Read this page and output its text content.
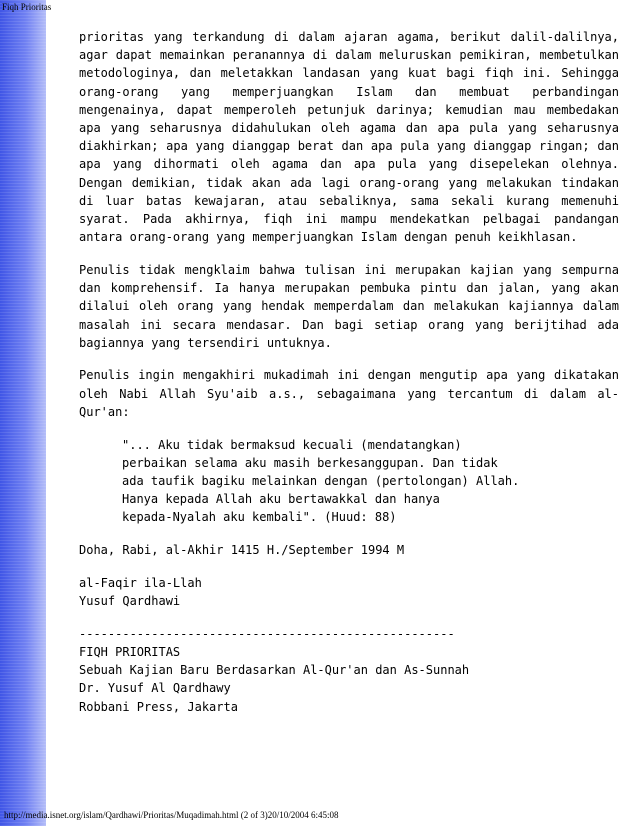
Fiqh Prioritas

prioritas yang terkandung di dalam ajaran agama, berikut dalil-dalilnya, agar dapat memainkan peranannya di dalam meluruskan pemikiran, membetulkan metodologinya, dan meletakkan landasan yang kuat bagi fiqh ini. Sehingga orang-orang yang memperjuangkan Islam dan membuat perbandingan mengenainya, dapat memperoleh petunjuk darinya; kemudian mau membedakan apa yang seharusnya didahulukan oleh agama dan apa pula yang seharusnya diakhirkan; apa yang dianggap berat dan apa pula yang dianggap ringan; dan apa yang dihormati oleh agama dan apa pula yang disepelekan olehnya. Dengan demikian, tidak akan ada lagi orang-orang yang melakukan tindakan di luar batas kewajaran, atau sebaliknya, sama sekali kurang memenuhi syarat. Pada akhirnya, fiqh ini mampu mendekatkan pelbagai pandangan antara orang-orang yang memperjuangkan Islam dengan penuh keikhlasan.

Penulis tidak mengklaim bahwa tulisan ini merupakan kajian yang sempurna dan komprehensif. Ia hanya merupakan pembuka pintu dan jalan, yang akan dilalui oleh orang yang hendak memperdalam dan melakukan kajiannya dalam masalah ini secara mendasar. Dan bagi setiap orang yang berijtihad ada bagiannya yang tersendiri untuknya.

Penulis ingin mengakhiri mukadimah ini dengan mengutip apa yang dikatakan oleh Nabi Allah Syu'aib a.s., sebagaimana yang tercantum di dalam al-Qur'an:

"... Aku tidak bermaksud kecuali (mendatangkan)
perbaikan selama aku masih berkesanggupan. Dan tidak
ada taufik bagiku melainkan dengan (pertolongan) Allah.
Hanya kepada Allah aku bertawakkal dan hanya
kepada-Nyalah aku kembali". (Huud: 88)
Doha, Rabi, al-Akhir 1415 H./September 1994 M
al-Faqir ila-Llah
Yusuf Qardhawi
----------------------------------------------------
FIQH PRIORITAS
Sebuah Kajian Baru Berdasarkan Al-Qur'an dan As-Sunnah
Dr. Yusuf Al Qardhawy
Robbani Press, Jakarta
http://media.isnet.org/islam/Qardhawi/Prioritas/Muqadimah.html (2 of 3)20/10/2004 6:45:08
